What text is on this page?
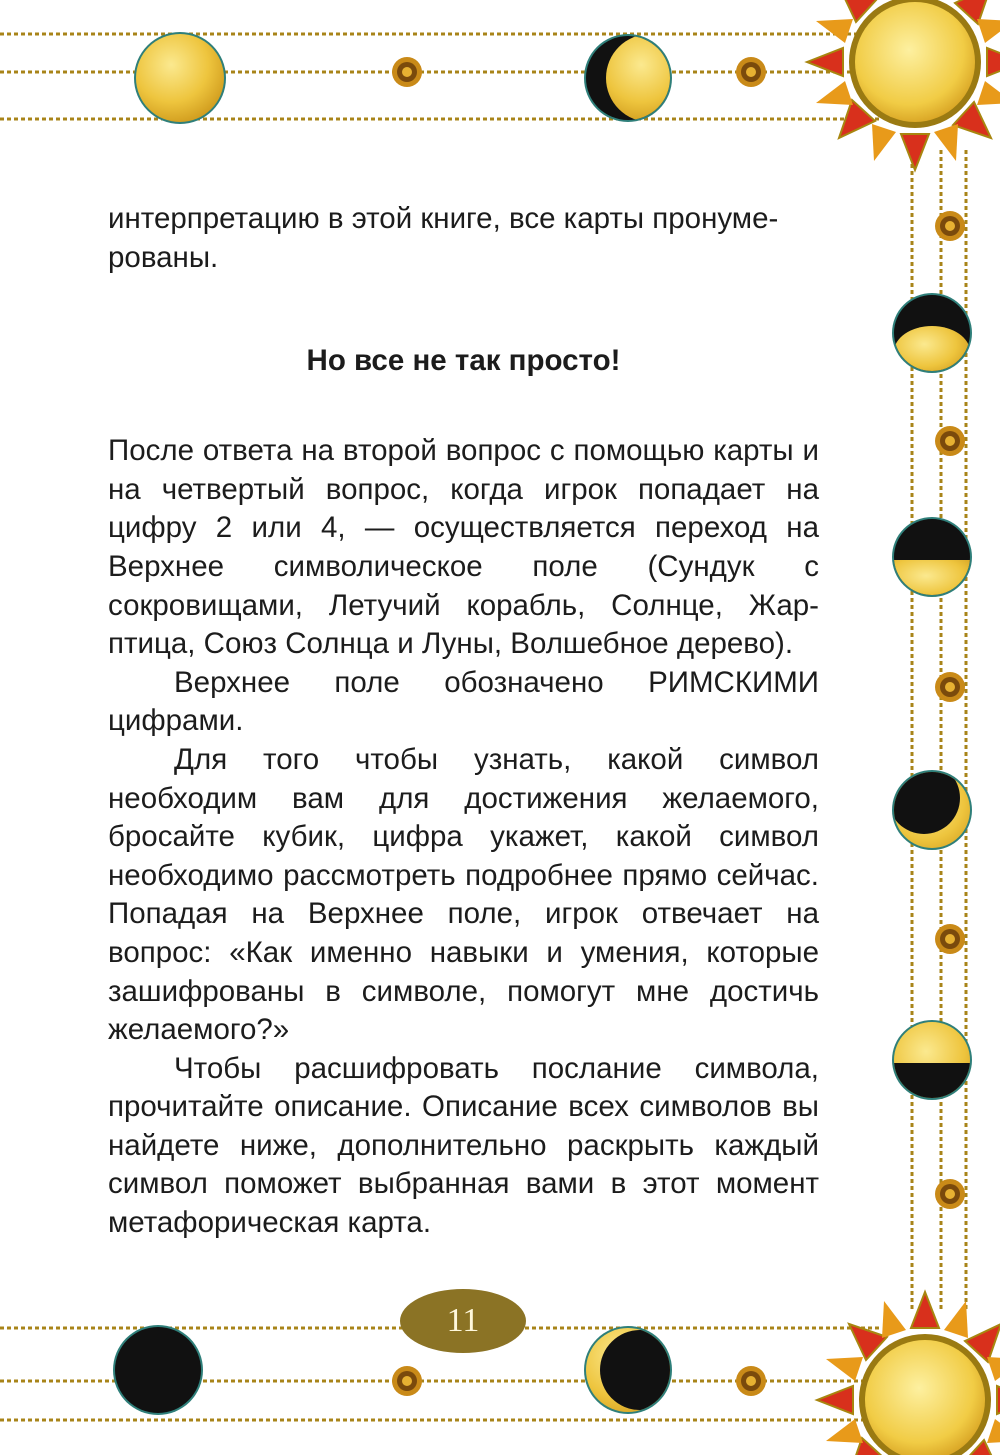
интерпретацию в этой книге, все карты пронуме-рованы.

Но все не так просто!

После ответа на второй вопрос с помощью карты и на четвертый вопрос, когда игрок попадает на цифру 2 или 4, — осуществляется переход на Верхнее символическое поле (Сундук с сокровищами, Летучий корабль, Солнце, Жар-птица, Союз Солнца и Луны, Волшебное дерево).

Верхнее поле обозначено РИМСКИМИ цифрами.

Для того чтобы узнать, какой символ необходим вам для достижения желаемого, бросайте кубик, цифра укажет, какой символ необходимо рассмотреть подробнее прямо сейчас. Попадая на Верхнее поле, игрок отвечает на вопрос: «Как именно навыки и умения, которые зашифрованы в символе, помогут мне достичь желаемого?»

Чтобы расшифровать послание символа, прочитайте описание. Описание всех символов вы найдете ниже, дополнительно раскрыть каждый символ поможет выбранная вами в этот момент метафорическая карта.

11
